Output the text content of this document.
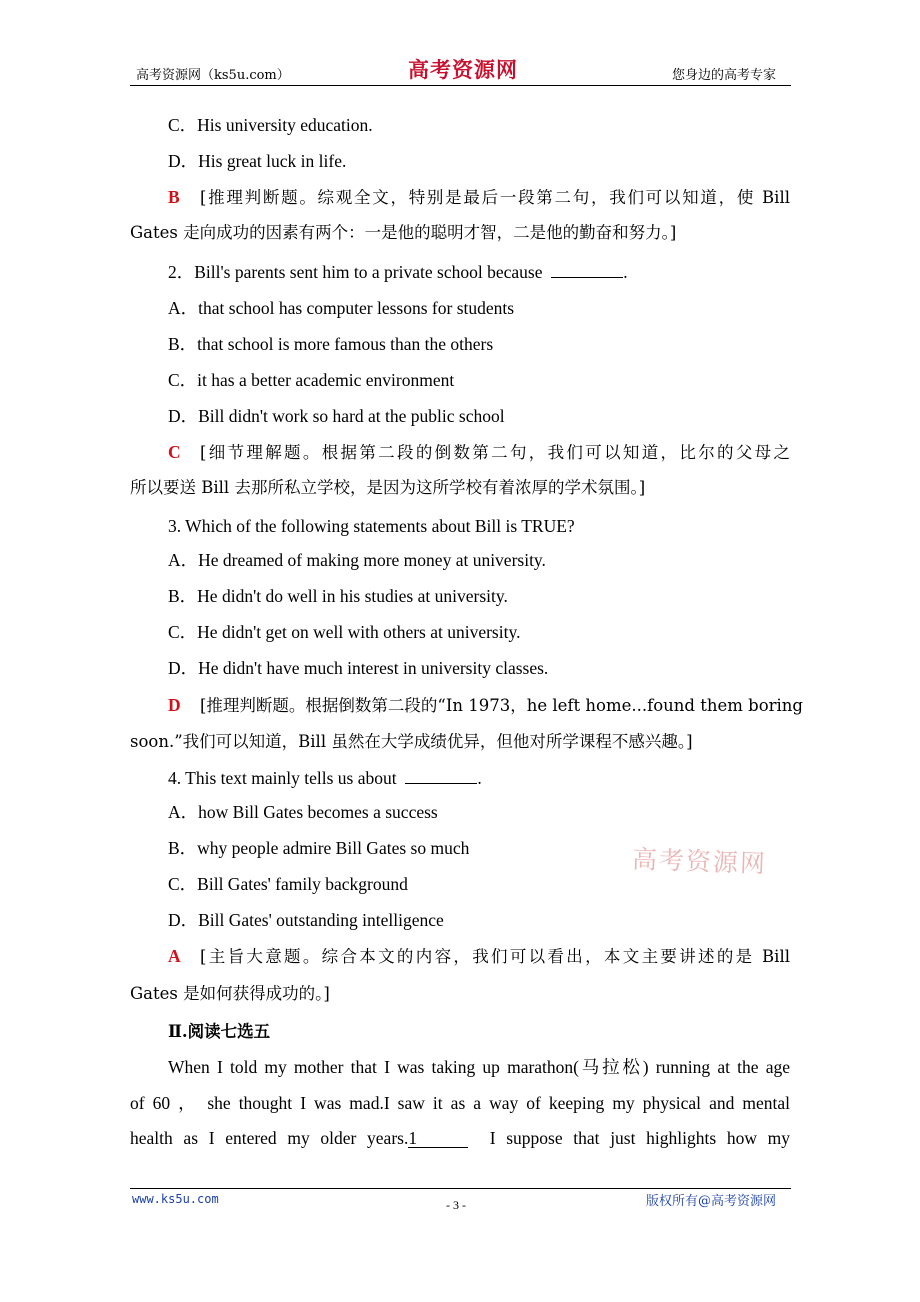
高考资源网（ks5u.com）	高考资源网	您身边的高考专家
C．His university education.
D．His great luck in life.
B [推理判断题。综观全文，特别是最后一段第二句，我们可以知道，使 Bill
Gates 走向成功的因素有两个：一是他的聪明才智，二是他的勤奋和努力。]
2．Bill's parents sent him to a private school because	.
A．that school has computer lessons for students
B．that school is more famous than the others
C．it has a better academic environment
D．Bill didn't work so hard at the public school
C [细节理解题。根据第二段的倒数第二句，我们可以知道，比尔的父母之
所以要送 Bill 去那所私立学校，是因为这所学校有着浓厚的学术氛围。]
3. Which of the following statements about Bill is TRUE?
A．He dreamed of making more money at university.
B．He didn't do well in his studies at university.
C．He didn't get on well with others at university.
D．He didn't have much interest in university classes.
D [推理判断题。根据倒数第二段的“In 1973，he left home...found them boring
soon.”我们可以知道，Bill 虽然在大学成绩优异，但他对所学课程不感兴趣。]
4. This text mainly tells us about	.
A．how Bill Gates becomes a success
B．why people admire Bill Gates so much
C．Bill Gates' family background
D．Bill Gates' outstanding intelligence
A [主旨大意题。综合本文的内容，我们可以看出，本文主要讲述的是 Bill
Gates 是如何获得成功的。]
Ⅱ.阅读七选五
When I told my mother that I was taking up marathon(马拉松) running at the age
of 60 ， she thought I was mad.I saw it as a way of keeping my physical and mental
health as I entered my older years.1	I suppose that just highlights how my
高考资源网
www.ks5u.com	- 3 -	版权所有@高考资源网
